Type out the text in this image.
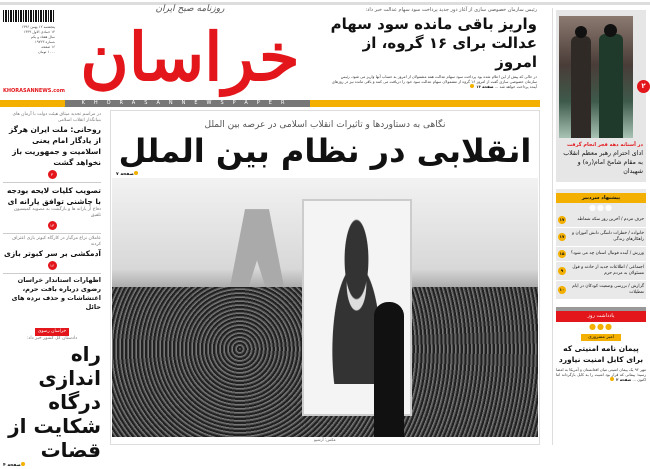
پنجشنبه ۱۲ بهمن ۱۳۹۶
۱۴ جمادی الاول ۱۴۳۹
سال هفتاد و یکم
شماره ۱۹۷۲۳
۱۶ صفحه
۱۰۰۰ تومان
KHORASANNEWS.com
روزنامه صبح ایران
خراسان
KHORASANNEWSPAPER
رئیس سازمان خصوصی سازی از آغاز دور جدید پرداخت سود سهام عدالت خبر داد:
واریز باقی مانده سود سهام عدالت برای ۱۶ گروه، از امروز
در حالی که پیش از این اعلام شده بود پرداخت سود سهام عدالت همه مشمولان از امروز به حساب آنها واریز می شود، رئیس سازمان خصوصی سازی گفت از امروز ۱۶ گروه از مشمولان سهام عدالت سود خود را دریافت می کنند و باقی مانده نیز در روزهای آینده پرداخت خواهد شد ... صفحه ۱۴
در آستانه دهه فجر انجام گرفت
ادای احترام رهبر معظم انقلاب به مقام شامخ امام(ره) و شهیدان
پیشنهاد سردبیر
●●●
حرف مردم / آخرین روز سکه شماطه
۱۷
خانواده / خطرات دلتنگی دانش آموزان و راهکارهای زندگی
۱۷
ورزش / آینده فوتبال استان چه می شود؟
۱۵
اجتماعی / اطلاعات جدید از حادثه و قول مسئولان به مردم حرم
۹
گزارش / بررسی وضعیت کودکان در ایام تعطیلات
۱۰
یادداشت روز
●●●
امیر مسروری
پیمان نامه امنیتی که برای کابل امنیت نیاورد
مهر ۹۲ یک پیمان امنیتی میان افغانستان و آمریکا به امضا رسید؛ پیمانی که قرار بود امنیت را به کابل بازگرداند اما اکنون ... صفحه ۲
۲
در مراسم تجدید میثاق هیئت دولت با آرمان های بنیانگذار انقلاب اسلامی
روحانی: ملت ایران هرگز از یادگار امام یعنی اسلامیت و جمهوریت باز نخواهد گشت
۳
تصویب کلیات لایحه بودجه با چاشنی توافق یارانه ای
دفاع از یارانه ها و بازگشت به مصوبه کمیسیون تلفیق
۱۳
عاملان نزاع مرگبار در کارگاه کبوتر بازی اعتراف کردند
آدمکشی بر سر کبوتر بازی
۱۶
اظهارات استاندار خراسان رضوی درباره بافت حرم، اغتشاشات و حذف نرده های حائل
خراسان رضوی
دادستان کل کشور خبر داد:
راه اندازی درگاه شکایت از قضات
صفحه ۴
نگاهی به دستاوردها و تاثیرات انقلاب اسلامی در عرصه بین الملل
انقلابی در نظام بین الملل
صفحه ۷
عکس: آرشیو
